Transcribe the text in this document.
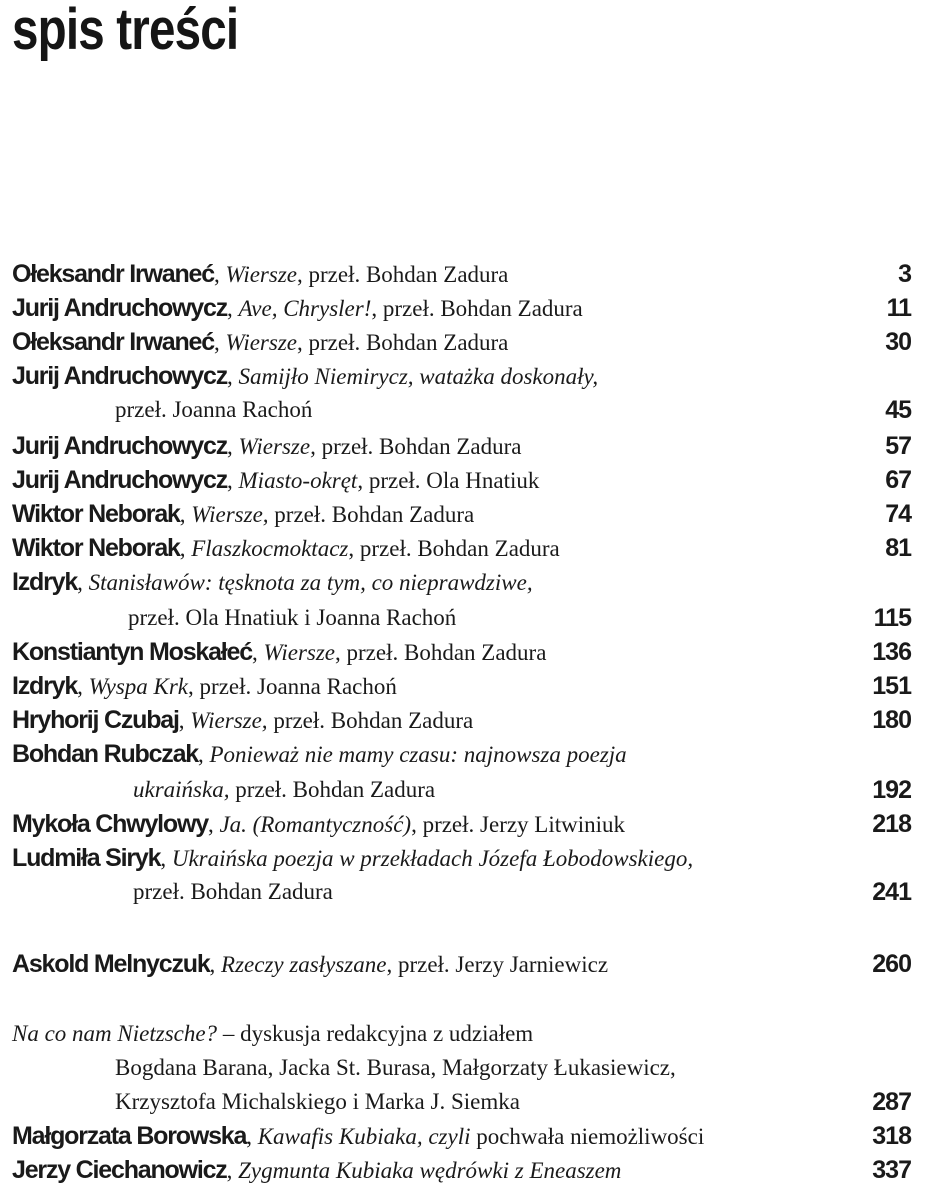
spis treści
Ołeksandr Irwaneć, Wiersze, przeł. Bohdan Zadura	3
Jurij Andruchowycz, Ave, Chrysler!, przeł. Bohdan Zadura	11
Ołeksandr Irwaneć, Wiersze, przeł. Bohdan Zadura	30
Jurij Andruchowycz, Samijło Niemirycz, watażka doskonały,
przeł. Joanna Rachoń	45
Jurij Andruchowycz, Wiersze, przeł. Bohdan Zadura	57
Jurij Andruchowycz, Miasto-okręt, przeł. Ola Hnatiuk	67
Wiktor Neborak, Wiersze, przeł. Bohdan Zadura	74
Wiktor Neborak, Flaszkocmoktacz, przeł. Bohdan Zadura	81
Izdryk, Stanisławów: tęsknota za tym, co nieprawdziwe,
przeł. Ola Hnatiuk i Joanna Rachoń	115
Konstiantyn Moskałeć, Wiersze, przeł. Bohdan Zadura	136
Izdryk, Wyspa Krk, przeł. Joanna Rachoń	151
Hryhorij Czubaj, Wiersze, przeł. Bohdan Zadura	180
Bohdan Rubczak, Ponieważ nie mamy czasu: najnowsza poezja
ukraińska, przeł. Bohdan Zadura	192
Mykoła Chwylowy, Ja. (Romantyczność), przeł. Jerzy Litwiniuk	218
Ludmiła Siryk, Ukraińska poezja w przekładach Józefa Łobodowskiego,
przeł. Bohdan Zadura	241
Askold Melnyczuk, Rzeczy zasłyszane, przeł. Jerzy Jarniewicz	260
Na co nam Nietzsche? – dyskusja redakcyjna z udziałem
Bogdana Barana, Jacka St. Burasa, Małgorzaty Łukasiewicz,
Krzysztofa Michalskiego i Marka J. Siemka	287
Małgorzata Borowska, Kawafis Kubiaka, czyli pochwała niemożliwości	318
Jerzy Ciechanowicz, Zygmunta Kubiaka wędrówki z Eneaszem	337
